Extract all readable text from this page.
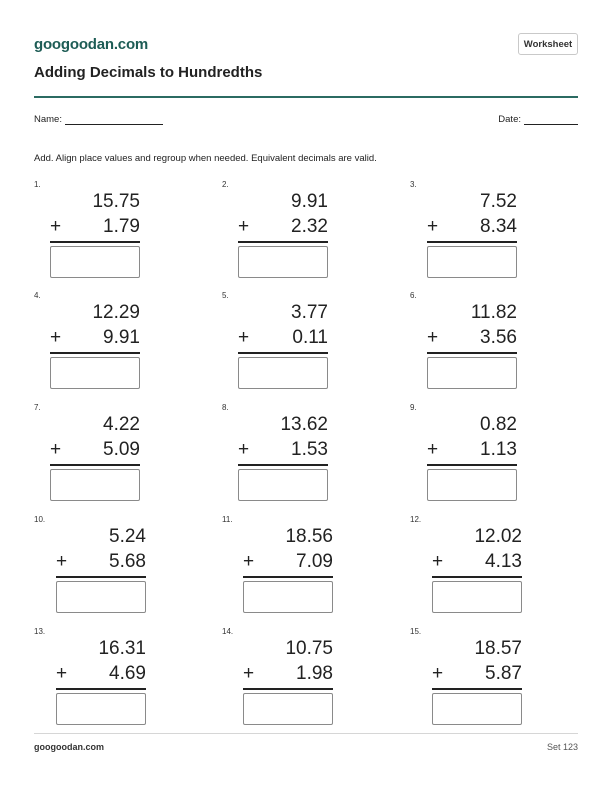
googoodan.com	Worksheet
Adding Decimals to Hundredths
Name:	Date:
Add. Align place values and regroup when needed. Equivalent decimals are valid.
1.
15.75
+	1.79
2.
9.91
+	2.32
3.
7.52
+	8.34
4.
12.29
+	9.91
5.
3.77
+	0.11
6.
11.82
+	3.56
7.
4.22
+	5.09
8.
13.62
+	1.53
9.
0.82
+	1.13
10.
5.24
+	5.68
11.
18.56
+	7.09
12.
12.02
+	4.13
13.
16.31
+	4.69
14.
10.75
+	1.98
15.
18.57
+	5.87
googoodan.com	Set 123
